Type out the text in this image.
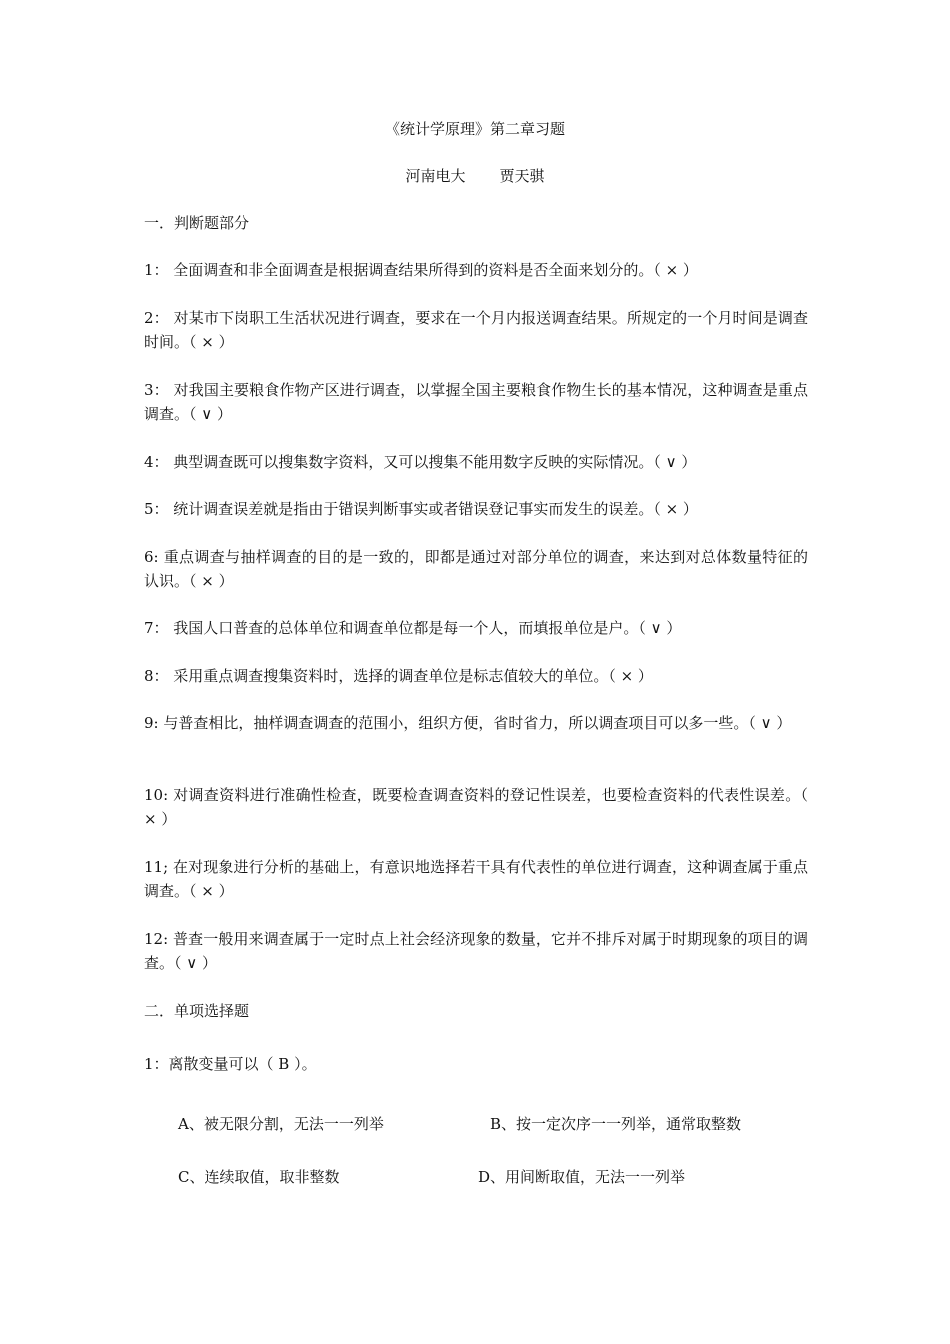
《统计学原理》第二章习题
河南电大 贾天骐
一．判断题部分
1： 全面调查和非全面调查是根据调查结果所得到的资料是否全面来划分的。（ × ）
2： 对某市下岗职工生活状况进行调查，要求在一个月内报送调查结果。所规定的一个月时间是调查时间。（ × ）
3： 对我国主要粮食作物产区进行调查，以掌握全国主要粮食作物生长的基本情况，这种调查是重点调查。（ ∨ ）
4： 典型调查既可以搜集数字资料，又可以搜集不能用数字反映的实际情况。（ ∨ ）
5： 统计调查误差就是指由于错误判断事实或者错误登记事实而发生的误差。（ × ）
6: 重点调查与抽样调查的目的是一致的，即都是通过对部分单位的调查，来达到对总体数量特征的认识。（ × ）
7： 我国人口普查的总体单位和调查单位都是每一个人，而填报单位是户。（ ∨ ）
8： 采用重点调查搜集资料时，选择的调查单位是标志值较大的单位。（ × ）
9: 与普查相比，抽样调查调查的范围小，组织方便，省时省力，所以调查项目可以多一些。（ ∨ ）
10: 对调查资料进行准确性检查，既要检查调查资料的登记性误差，也要检查资料的代表性误差。（ × ）
11; 在对现象进行分析的基础上，有意识地选择若干具有代表性的单位进行调查，这种调查属于重点调查。（ × ）
12: 普查一般用来调查属于一定时点上社会经济现象的数量，它并不排斥对属于时期现象的项目的调查。（ ∨ ）
二．单项选择题
1：离散变量可以（ B ）。
A、被无限分割，无法一一列举	B、按一定次序一一列举，通常取整数
C、连续取值，取非整数	D、用间断取值，无法一一列举
